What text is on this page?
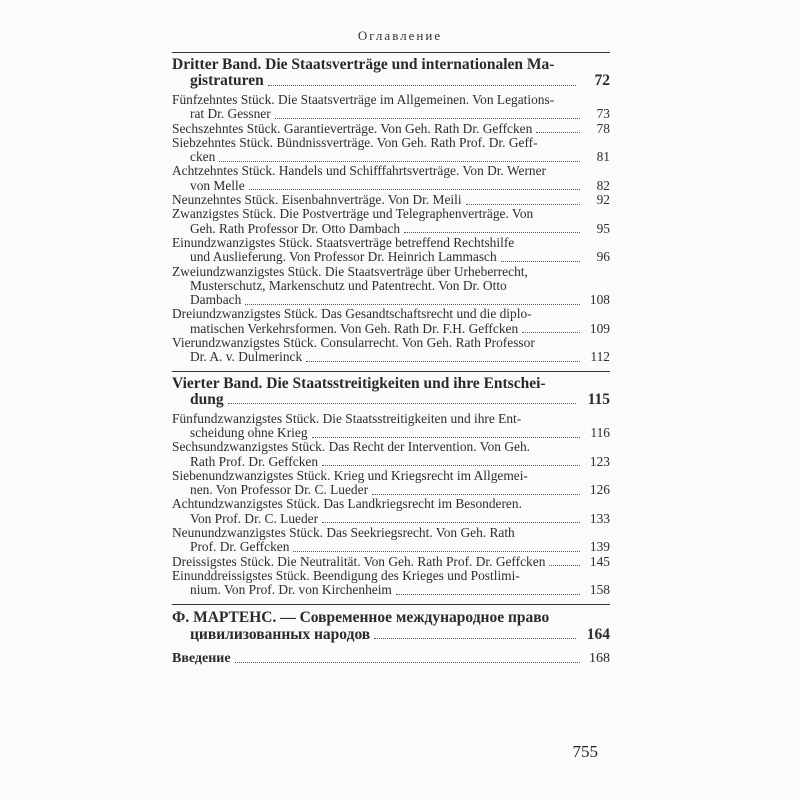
Оглавление
Dritter Band. Die Staatsverträge und internationalen Ma-
gistraturen	72
Fünfzehntes Stück. Die Staatsverträge im Allgemeinen. Von Legations-
rat Dr. Gessner	73
Sechszehntes Stück. Garantieverträge. Von Geh. Rath Dr. Geffcken	78
Siebzehntes Stück. Bündnissverträge. Von Geh. Rath Prof. Dr. Geff-
cken	81
Achtzehntes Stück. Handels und Schifffahrtsverträge. Von Dr. Werner
von Melle	82
Neunzehntes Stück. Eisenbahnverträge. Von Dr. Meili	92
Zwanzigstes Stück. Die Postverträge und Telegraphenverträge. Von
Geh. Rath Professor Dr. Otto Dambach	95
Einundzwanzigstes Stück. Staatsverträge betreffend Rechtshilfe
und Auslieferung. Von Professor Dr. Heinrich Lammasch	96
Zweiundzwanzigstes Stück. Die Staatsverträge über Urheberrecht,
Musterschutz, Markenschutz und Patentrecht. Von Dr. Otto
Dambach	108
Dreiundzwanzigstes Stück. Das Gesandtschaftsrecht und die diplo-
matischen Verkehrsformen. Von Geh. Rath Dr. F.H. Geffcken	109
Vierundzwanzigstes Stück. Consularrecht. Von Geh. Rath Professor
Dr. A. v. Dulmerinck	112
Vierter Band. Die Staatsstreitigkeiten und ihre Entschei-
dung	115
Fünfundzwanzigstes Stück. Die Staatsstreitigkeiten und ihre Ent-
scheidung ohne Krieg	116
Sechsundzwanzigstes Stück. Das Recht der Intervention. Von Geh.
Rath Prof. Dr. Geffcken	123
Siebenundzwanzigstes Stück. Krieg und Kriegsrecht im Allgemei-
nen. Von Professor Dr. C. Lueder	126
Achtundzwanzigstes Stück. Das Landkriegsrecht im Besonderen.
Von Prof. Dr. C. Lueder	133
Neunundzwanzigstes Stück. Das Seekriegsrecht. Von Geh. Rath
Prof. Dr. Geffcken	139
Dreissigstes Stück. Die Neutralität. Von Geh. Rath Prof. Dr. Geffcken	145
Einunddreissigstes Stück. Beendigung des Krieges und Postlimi-
nium. Von Prof. Dr. von Kirchenheim	158
Ф. МАРТЕНС. — Современное международное право
цивилизованных народов	164
Введение	168
755
